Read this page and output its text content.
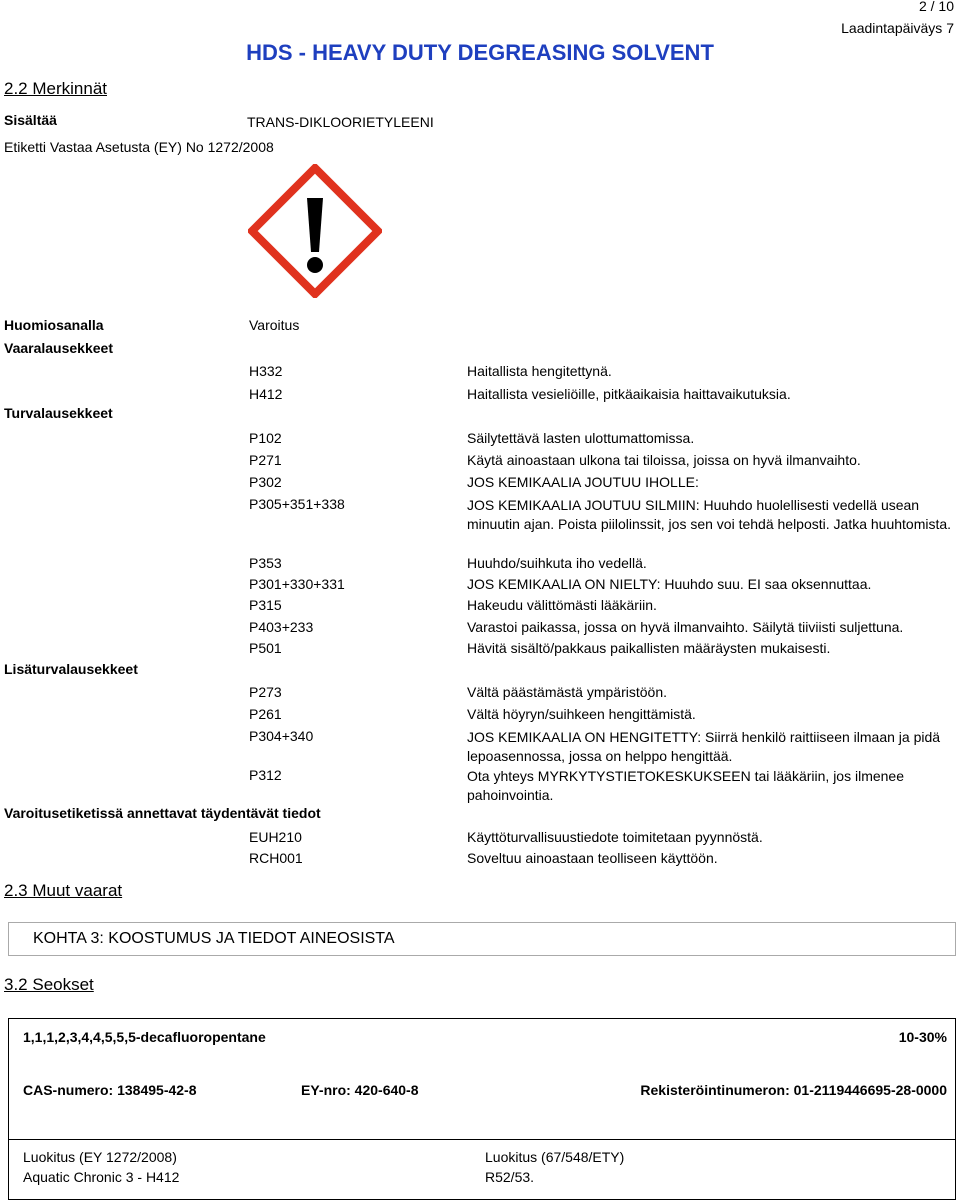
2 / 10
Laadintapäiväys 7
HDS - HEAVY DUTY DEGREASING SOLVENT
2.2 Merkinnät
Sisältää	TRANS-DIKLOORIETYLEENI
Etiketti Vastaa Asetusta (EY) No 1272/2008
Huomiosanalla	Varoitus
Vaaralausekkeet
Turvalausekkeet
Lisäturvalausekkeet
Varoitusetiketissä annettavat täydentävät tiedot
H332	Haitallista hengitettynä.
H412	Haitallista vesieliöille, pitkäaikaisia haittavaikutuksia.
P102	Säilytettävä lasten ulottumattomissa.
P271	Käytä ainoastaan ulkona tai tiloissa, joissa on hyvä ilmanvaihto.
P302	JOS KEMIKAALIA JOUTUU IHOLLE:
P305+351+338	JOS KEMIKAALIA JOUTUU SILMIIN: Huuhdo huolellisesti vedellä usean minuutin ajan. Poista piilolinssit, jos sen voi tehdä helposti. Jatka huuhtomista.
P353	Huuhdo/suihkuta iho vedellä.
P301+330+331	JOS KEMIKAALIA ON NIELTY: Huuhdo suu. EI saa oksennuttaa.
P315	Hakeudu välittömästi lääkäriin.
P403+233	Varastoi paikassa, jossa on hyvä ilmanvaihto. Säilytä tiiviisti suljettuna.
P501	Hävitä sisältö/pakkaus paikallisten määräysten mukaisesti.
P273	Vältä päästämästä ympäristöön.
P261	Vältä höyryn/suihkeen hengittämistä.
P304+340	JOS KEMIKAALIA ON HENGITETTY: Siirrä henkilö raittiiseen ilmaan ja pidä lepoasennossa, jossa on helppo hengittää.
P312	Ota yhteys MYRKYTYSTIETOKESKUKSEEN tai lääkäriin, jos ilmenee pahoinvointia.
EUH210	Käyttöturvallisuustiedote toimitetaan pyynnöstä.
RCH001	Soveltuu ainoastaan teolliseen käyttöön.
2.3 Muut vaarat
KOHTA 3: KOOSTUMUS JA TIEDOT AINEOSISTA
3.2 Seokset
1,1,1,2,3,4,4,5,5,5-decafluoropentane	10-30%
CAS-numero: 138495-42-8	EY-nro: 420-640-8	Rekisteröintinumeron: 01-2119446695-28-0000
Luokitus (EY 1272/2008)
Aquatic Chronic 3 - H412
Luokitus (67/548/ETY)
R52/53.
